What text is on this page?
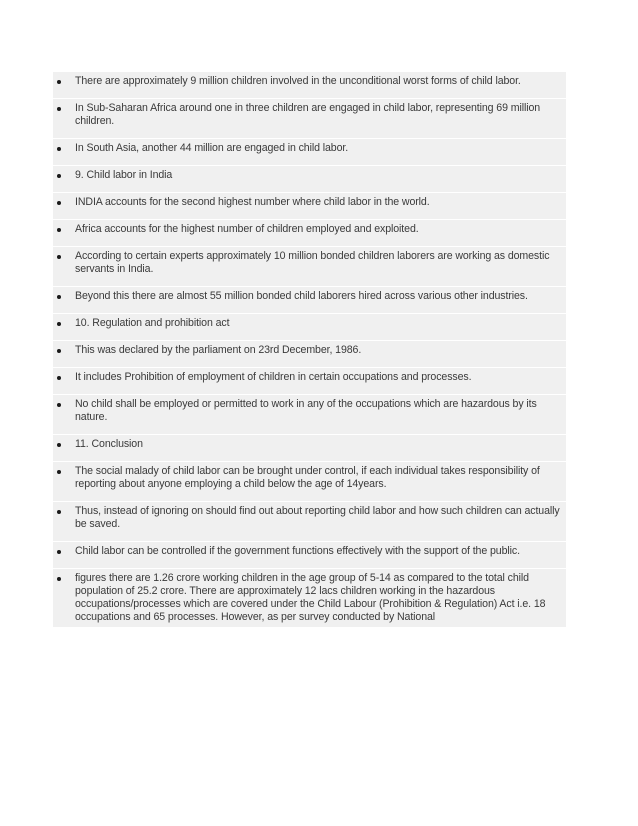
There are approximately 9 million children involved in the unconditional worst forms of child labor.
In Sub-Saharan Africa around one in three children are engaged in child labor, representing 69 million children.
In South Asia, another 44 million are engaged in child labor.
9. Child labor in India
INDIA accounts for the second highest number where child labor in the world.
Africa accounts for the highest number of children employed and exploited.
According to certain experts approximately 10 million bonded children laborers are working as domestic servants in India.
Beyond this there are almost 55 million bonded child laborers hired across various other industries.
10. Regulation and prohibition act
This was declared by the parliament on 23rd December, 1986.
It includes Prohibition of employment of children in certain occupations and processes.
No child shall be employed or permitted to work in any of the occupations which are hazardous by its nature.
11. Conclusion
The social malady of child labor can be brought under control, if each individual takes responsibility of reporting about anyone employing a child below the age of 14years.
Thus, instead of ignoring on should find out about reporting child labor and how such children can actually be saved.
Child labor can be controlled if the government functions effectively with the support of the public.
figures there are 1.26 crore working children in the age group of 5-14 as compared to the total child population of 25.2 crore. There are approximately 12 lacs children working in the hazardous occupations/processes which are covered under the Child Labour (Prohibition & Regulation) Act i.e. 18 occupations and 65 processes. However, as per survey conducted by National
